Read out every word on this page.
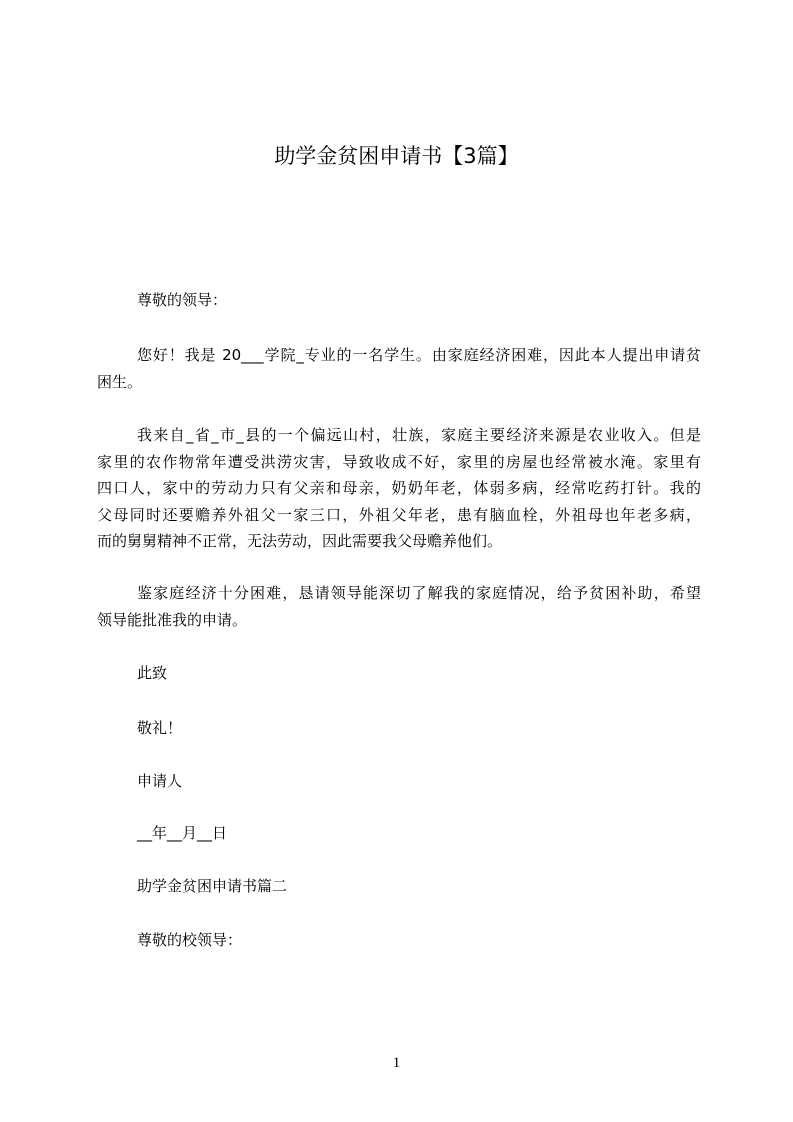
助学金贫困申请书【3篇】
尊敬的领导：
您好！我是 20___学院_专业的一名学生。由家庭经济困难，因此本人提出申请贫
困生。
我来自_省_市_县的一个偏远山村，壮族，家庭主要经济来源是农业收入。但是
家里的农作物常年遭受洪涝灾害，导致收成不好，家里的房屋也经常被水淹。家里有
四口人，家中的劳动力只有父亲和母亲，奶奶年老，体弱多病，经常吃药打针。我的
父母同时还要赡养外祖父一家三口，外祖父年老，患有脑血栓，外祖母也年老多病，
而的舅舅精神不正常，无法劳动，因此需要我父母赡养他们。
鉴家庭经济十分困难，恳请领导能深切了解我的家庭情况，给予贫困补助，希望
领导能批准我的申请。
此致
敬礼！
申请人
__年__月__日
助学金贫困申请书篇二
尊敬的校领导：
1
